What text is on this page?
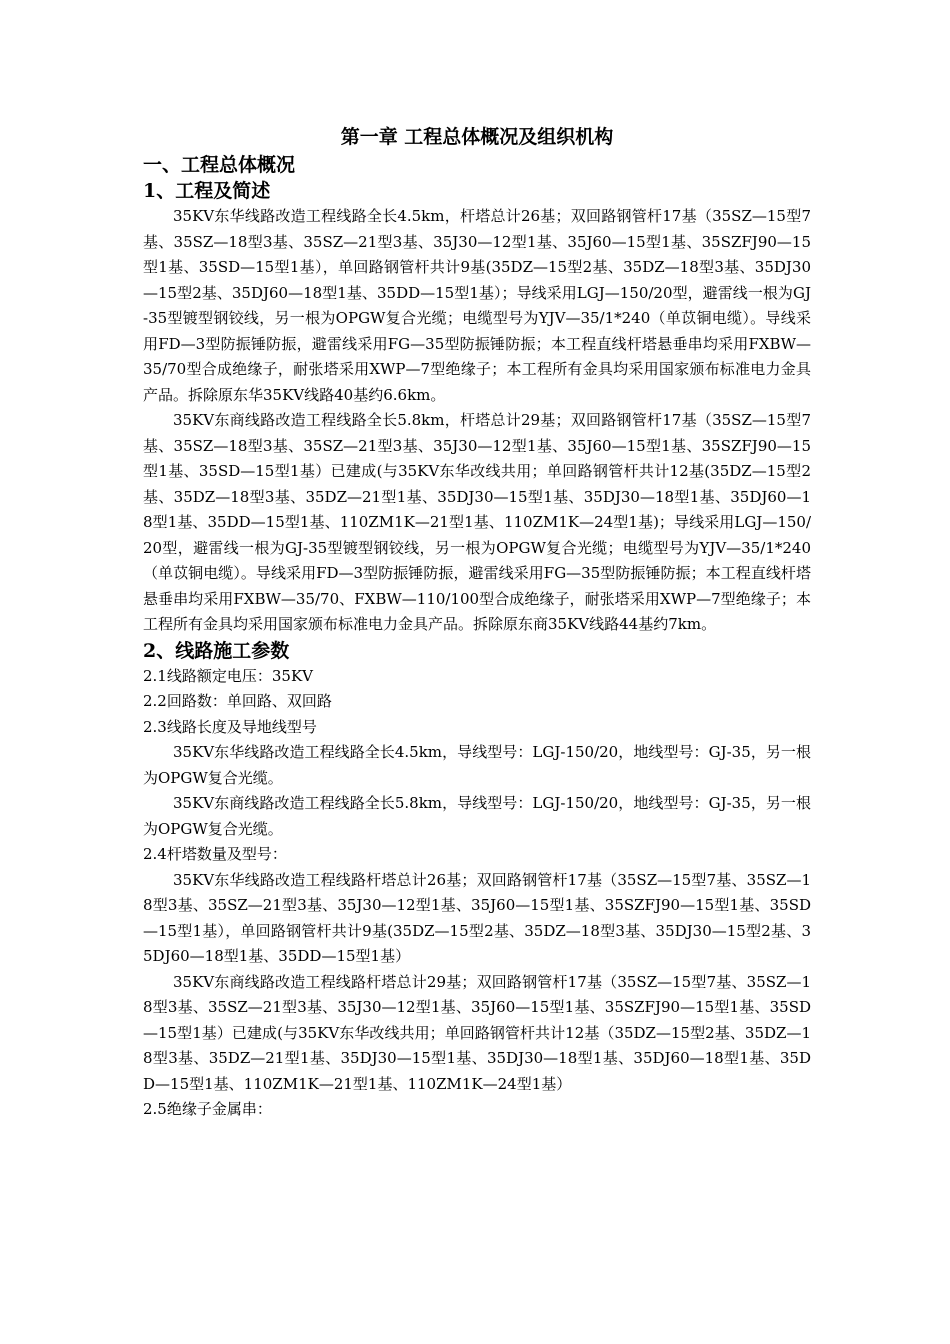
第一章 工程总体概况及组织机构

一、工程总体概况

1、工程及简述

35KV东华线路改造工程线路全长4.5km，杆塔总计26基；双回路钢管杆17基（35SZ—15型7基、35SZ—18型3基、35SZ—21型3基、35J30—12型1基、35J60—15型1基、35SZFJ90—15型1基、35SD—15型1基），单回路钢管杆共计9基(35DZ—15型2基、35DZ—18型3基、35DJ30—15型2基、35DJ60—18型1基、35DD—15型1基）；导线采用LGJ—150/20型，避雷线一根为GJ-35型镀型钢铰线，另一根为OPGW复合光缆；电缆型号为YJV—35/1*240（单苡铜电缆）。导线采用FD—3型防振锤防振，避雷线采用FG—35型防振锤防振；本工程直线杆塔悬垂串均采用FXBW—35/70型合成绝缘子，耐张塔采用XWP—7型绝缘子；本工程所有金具均采用国家颁布标准电力金具产品。拆除原东华35KV线路40基约6.6km。

35KV东商线路改造工程线路全长5.8km，杆塔总计29基；双回路钢管杆17基（35SZ—15型7基、35SZ—18型3基、35SZ—21型3基、35J30—12型1基、35J60—15型1基、35SZFJ90—15型1基、35SD—15型1基）已建成(与35KV东华改线共用；单回路钢管杆共计12基(35DZ—15型2基、35DZ—18型3基、35DZ—21型1基、35DJ30—15型1基、35DJ30—18型1基、35DJ60—18型1基、35DD—15型1基、110ZM1K—21型1基、110ZM1K—24型1基)；导线采用LGJ—150/20型，避雷线一根为GJ-35型镀型钢铰线，另一根为OPGW复合光缆；电缆型号为YJV—35/1*240（单苡铜电缆）。导线采用FD—3型防振锤防振，避雷线采用FG—35型防振锤防振；本工程直线杆塔悬垂串均采用FXBW—35/70、FXBW—110/100型合成绝缘子，耐张塔采用XWP—7型绝缘子；本工程所有金具均采用国家颁布标准电力金具产品。拆除原东商35KV线路44基约7km。

2、线路施工参数

2.1线路额定电压：35KV

2.2回路数：单回路、双回路

2.3线路长度及导地线型号

35KV东华线路改造工程线路全长4.5km，导线型号：LGJ-150/20，地线型号：GJ-35，另一根为OPGW复合光缆。

35KV东商线路改造工程线路全长5.8km，导线型号：LGJ-150/20，地线型号：GJ-35，另一根为OPGW复合光缆。

2.4杆塔数量及型号：

35KV东华线路改造工程线路杆塔总计26基；双回路钢管杆17基（35SZ—15型7基、35SZ—18型3基、35SZ—21型3基、35J30—12型1基、35J60—15型1基、35SZFJ90—15型1基、35SD—15型1基），单回路钢管杆共计9基(35DZ—15型2基、35DZ—18型3基、35DJ30—15型2基、35DJ60—18型1基、35DD—15型1基）

35KV东商线路改造工程线路杆塔总计29基；双回路钢管杆17基（35SZ—15型7基、35SZ—18型3基、35SZ—21型3基、35J30—12型1基、35J60—15型1基、35SZFJ90—15型1基、35SD—15型1基）已建成(与35KV东华改线共用；单回路钢管杆共计12基（35DZ—15型2基、35DZ—18型3基、35DZ—21型1基、35DJ30—15型1基、35DJ30—18型1基、35DJ60—18型1基、35DD—15型1基、110ZM1K—21型1基、110ZM1K—24型1基）

2.5绝缘子金属串：
